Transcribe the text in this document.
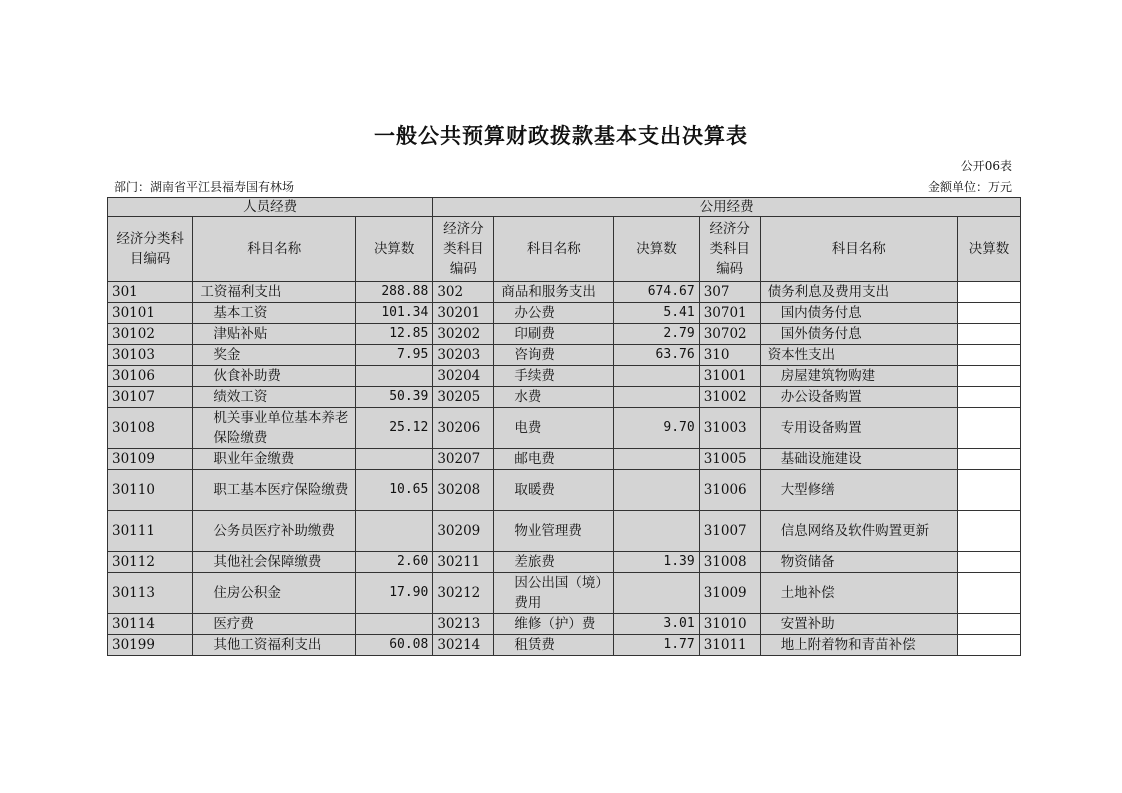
一般公共预算财政拨款基本支出决算表
公开06表
部门：湖南省平江县福寿国有林场	金额单位：万元
人员经费			公用经费					
经济分类科目编码	科目名称	决算数	经济分类科目编码	科目名称	决算数	经济分类科目编码	科目名称	决算数
301	工资福利支出	288.88	302	商品和服务支出	674.67	307	债务利息及费用支出	
30101	基本工资	101.34	30201	办公费	5.41	30701	国内债务付息	
30102	津贴补贴	12.85	30202	印刷费	2.79	30702	国外债务付息	
30103	奖金	7.95	30203	咨询费	63.76	310	资本性支出	
30106	伙食补助费		30204	手续费		31001	房屋建筑物购建	
30107	绩效工资	50.39	30205	水费		31002	办公设备购置	
30108	机关事业单位基本养老保险缴费	25.12	30206	电费	9.70	31003	专用设备购置	
30109	职业年金缴费		30207	邮电费		31005	基础设施建设	
30110	职工基本医疗保险缴费	10.65	30208	取暖费		31006	大型修缮	
30111	公务员医疗补助缴费		30209	物业管理费		31007	信息网络及软件购置更新	
30112	其他社会保障缴费	2.60	30211	差旅费	1.39	31008	物资储备	
30113	住房公积金	17.90	30212	因公出国（境）费用		31009	土地补偿	
30114	医疗费		30213	维修（护）费	3.01	31010	安置补助	
30199	其他工资福利支出	60.08	30214	租赁费	1.77	31011	地上附着物和青苗补偿	
